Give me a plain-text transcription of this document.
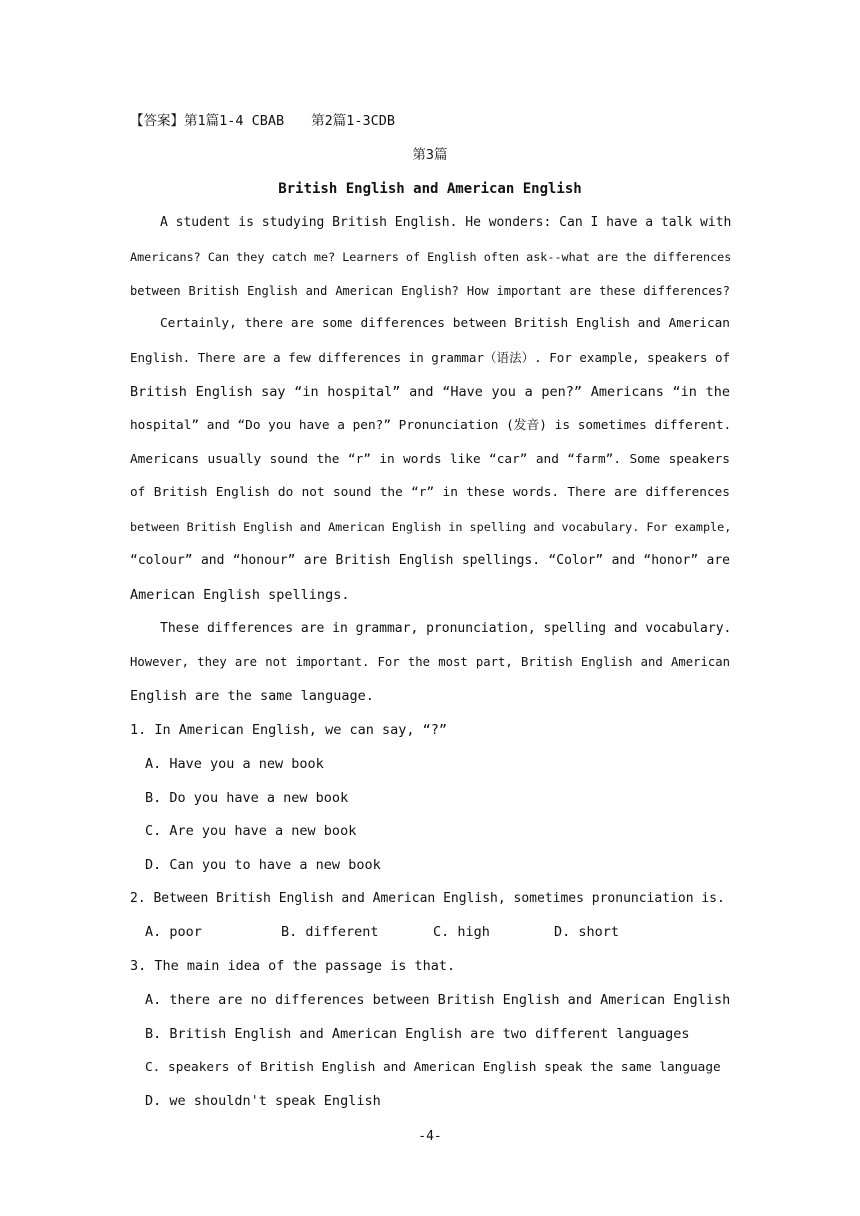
【答案】第1篇1-4 CBAB　　第2篇1-3CDB
第3篇
British English and American English
A student is studying British English. He wonders: Can I have a talk with
Americans? Can they catch me? Learners of English often ask--what are the differences
between British English and American English? How important are these differences?
Certainly, there are some differences between British English and American
English. There are a few differences in grammar（语法）. For example, speakers of
British English say “in hospital” and “Have you a pen?” Americans “in the
hospital” and “Do you have a pen?” Pronunciation (发音) is sometimes different.
Americans usually sound the “r” in words like “car” and “farm”. Some speakers
of British English do not sound the “r” in these words. There are differences
between British English and American English in spelling and vocabulary. For example,
“colour” and “honour” are British English spellings. “Color” and “honor” are
American English spellings.
These differences are in grammar, pronunciation, spelling and vocabulary.
However, they are not important. For the most part, British English and American
English are the same language.
1. In American English, we can say, “?”
A. Have you a new book
B. Do you have a new book
C. Are you have a new book
D. Can you to have a new book
2. Between British English and American English, sometimes pronunciation is.
A. poor	B. different	C. high	D. short
3. The main idea of the passage is that.
A. there are no differences between British English and American English
B. British English and American English are two different languages
C. speakers of British English and American English speak the same language
D. we shouldn't speak English
-4-
